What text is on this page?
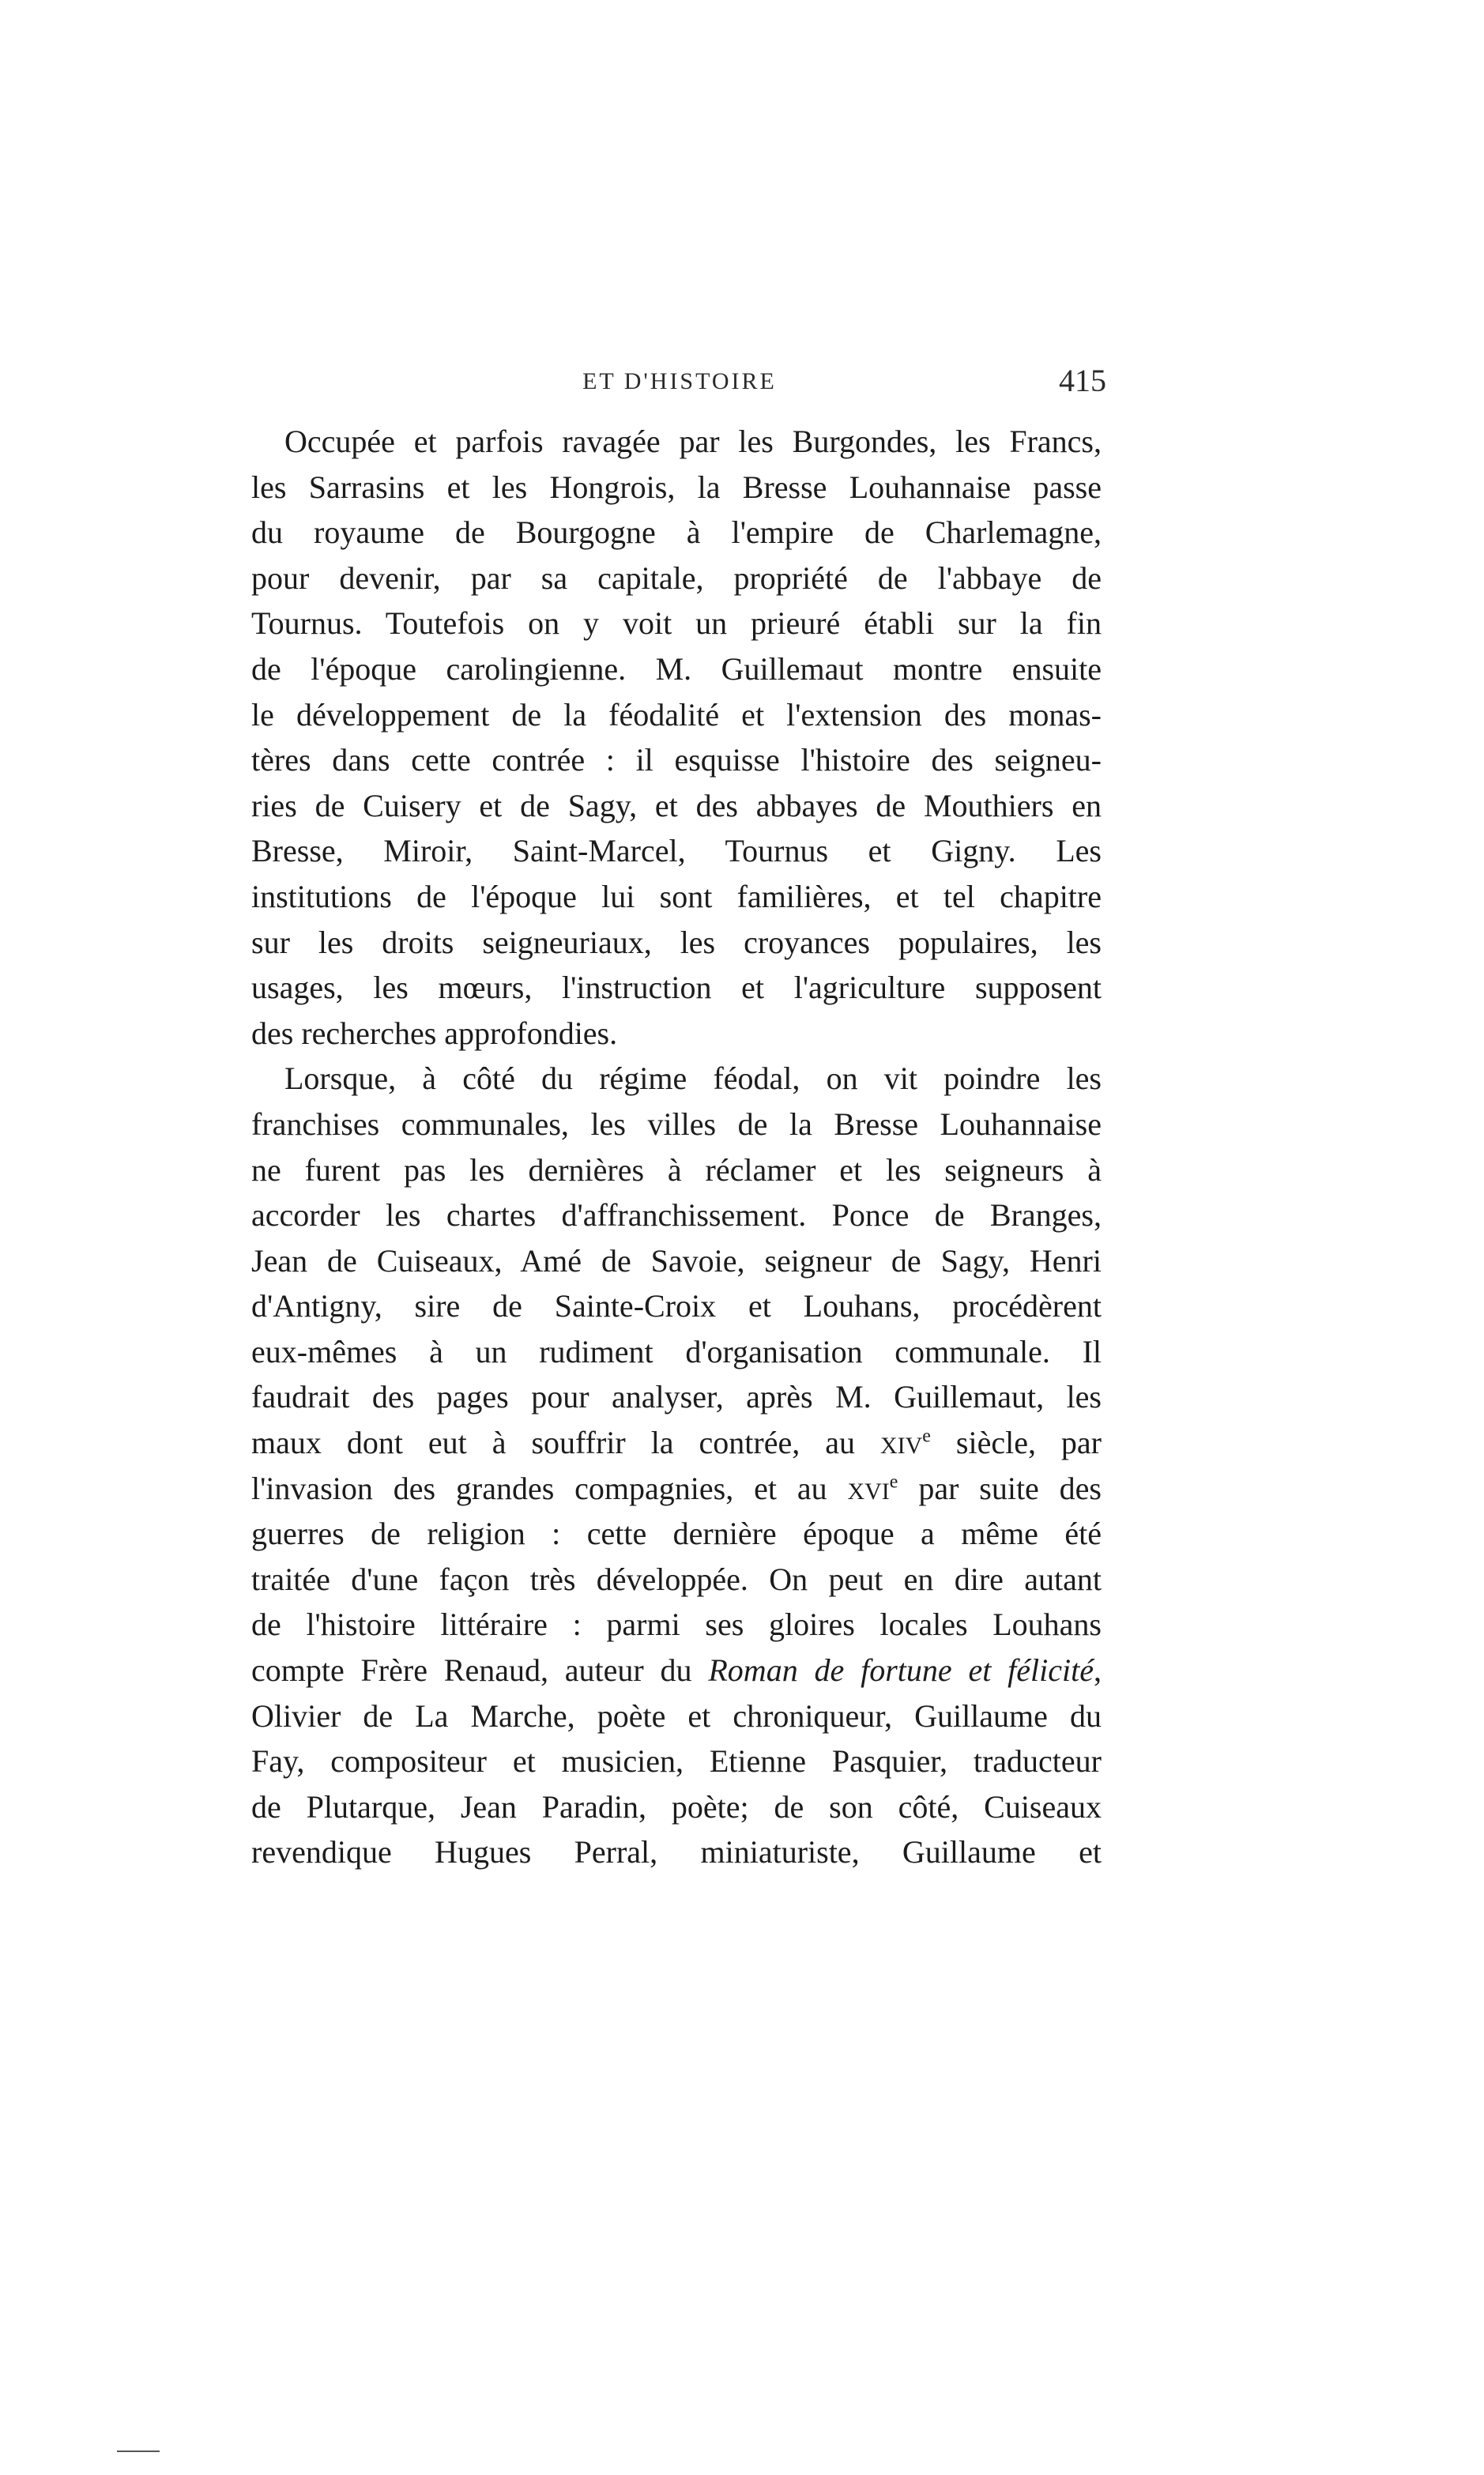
ET D'HISTOIRE	415
Occupée et parfois ravagée par les Burgondes, les Francs,
les Sarrasins et les Hongrois, la Bresse Louhannaise passe
du royaume de Bourgogne à l'empire de Charlemagne,
pour devenir, par sa capitale, propriété de l'abbaye de
Tournus. Toutefois on y voit un prieuré établi sur la fin
de l'époque carolingienne. M. Guillemaut montre ensuite
le développement de la féodalité et l'extension des monas-
tères dans cette contrée : il esquisse l'histoire des seigneu-
ries de Cuisery et de Sagy, et des abbayes de Mouthiers en
Bresse, Miroir, Saint-Marcel, Tournus et Gigny. Les
institutions de l'époque lui sont familières, et tel chapitre
sur les droits seigneuriaux, les croyances populaires, les
usages, les mœurs, l'instruction et l'agriculture supposent
des recherches approfondies.
Lorsque, à côté du régime féodal, on vit poindre les
franchises communales, les villes de la Bresse Louhannaise
ne furent pas les dernières à réclamer et les seigneurs à
accorder les chartes d'affranchissement. Ponce de Branges,
Jean de Cuiseaux, Amé de Savoie, seigneur de Sagy, Henri
d'Antigny, sire de Sainte-Croix et Louhans, procédèrent
eux-mêmes à un rudiment d'organisation communale. Il
faudrait des pages pour analyser, après M. Guillemaut, les
maux dont eut à souffrir la contrée, au XIVe siècle, par
l'invasion des grandes compagnies, et au XVIe par suite des
guerres de religion : cette dernière époque a même été
traitée d'une façon très développée. On peut en dire autant
de l'histoire littéraire : parmi ses gloires locales Louhans
compte Frère Renaud, auteur du Roman de fortune et félicité,
Olivier de La Marche, poète et chroniqueur, Guillaume du
Fay, compositeur et musicien, Etienne Pasquier, traducteur
de Plutarque, Jean Paradin, poète; de son côté, Cuiseaux
revendique Hugues Perral, miniaturiste, Guillaume et
